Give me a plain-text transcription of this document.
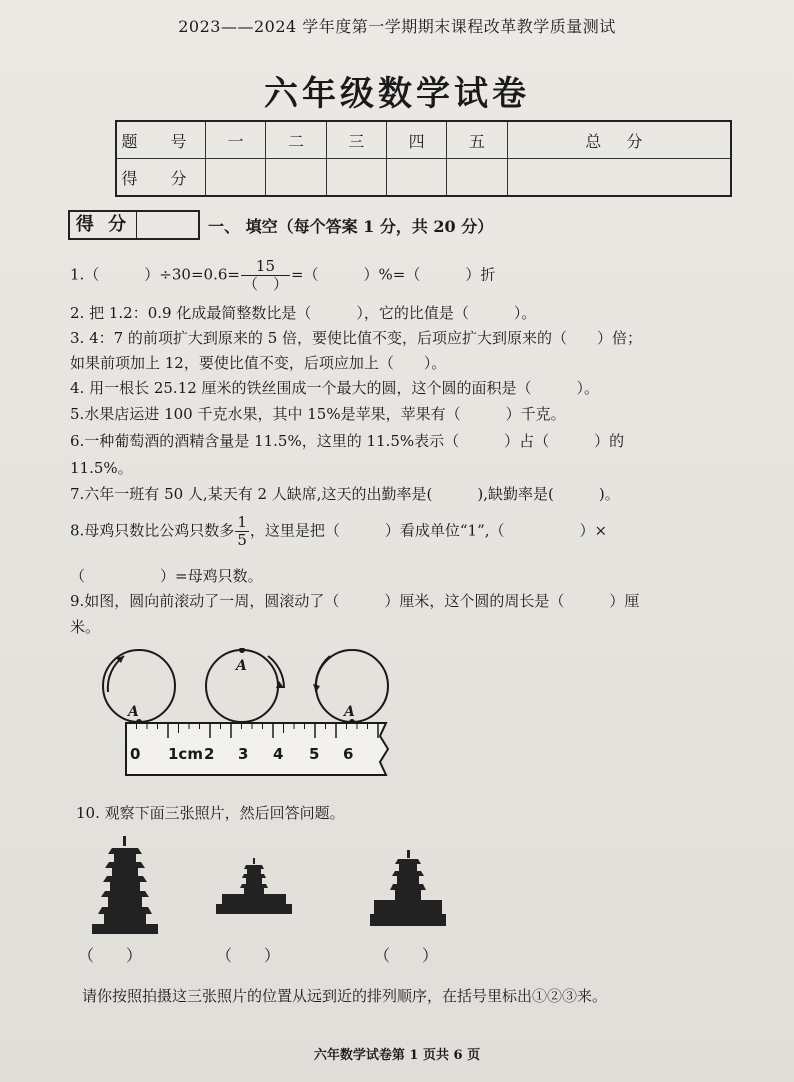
2023——2024 学年度第一学期期末课程改革教学质量测试
六年级数学试卷
题 号	一	二	三	四	五	总 分
得 分						
得 分	一、 填空（每个答案 1 分，共 20 分）
1.（　　　）$\div 30=0.6= \frac{15}{( )}$ =（　　　）%=（　　　）折
2. 把 1.2：0.9 化成最简整数比是（　　　），它的比值是（　　　）。
3. 4：7 的前项扩大到原来的 5 倍，要使比值不变，后项应扩大到原来的（　　）倍；
如果前项加上 12，要使比值不变，后项应加上（　　）。
4. 用一根长 25.12 厘米的铁丝围成一个最大的圆，这个圆的面积是（　　　）。
5.水果店运进 100 千克水果，其中 15%是苹果，苹果有（　　　）千克。
6.一种葡萄酒的酒精含量是 11.5%，这里的 11.5%表示（　　　）占（　　　）的
11.5%。
7.六年一班有 50 人,某天有 2 人缺席,这天的出勤率是(　　　),缺勤率是(　　　)。
8.母鸡只数比公鸡只数多 $\frac{1}{5}$ ，这里是把（　　　）看成单位“1”,（　　　　　）×
（　　　　　）=母鸡只数。
9.如图，圆向前滚动了一周，圆滚动了（　　　）厘米，这个圆的周长是（　　　）厘
米。
A
A
A
0 1cm 2 3 4 5 6
10. 观察下面三张照片，然后回答问题。
（　　）	（　　）	（　　）
请你按照拍摄这三张照片的位置从远到近的排列顺序，在括号里标出①②③来。
六年数学试卷第 1 页共 6 页
